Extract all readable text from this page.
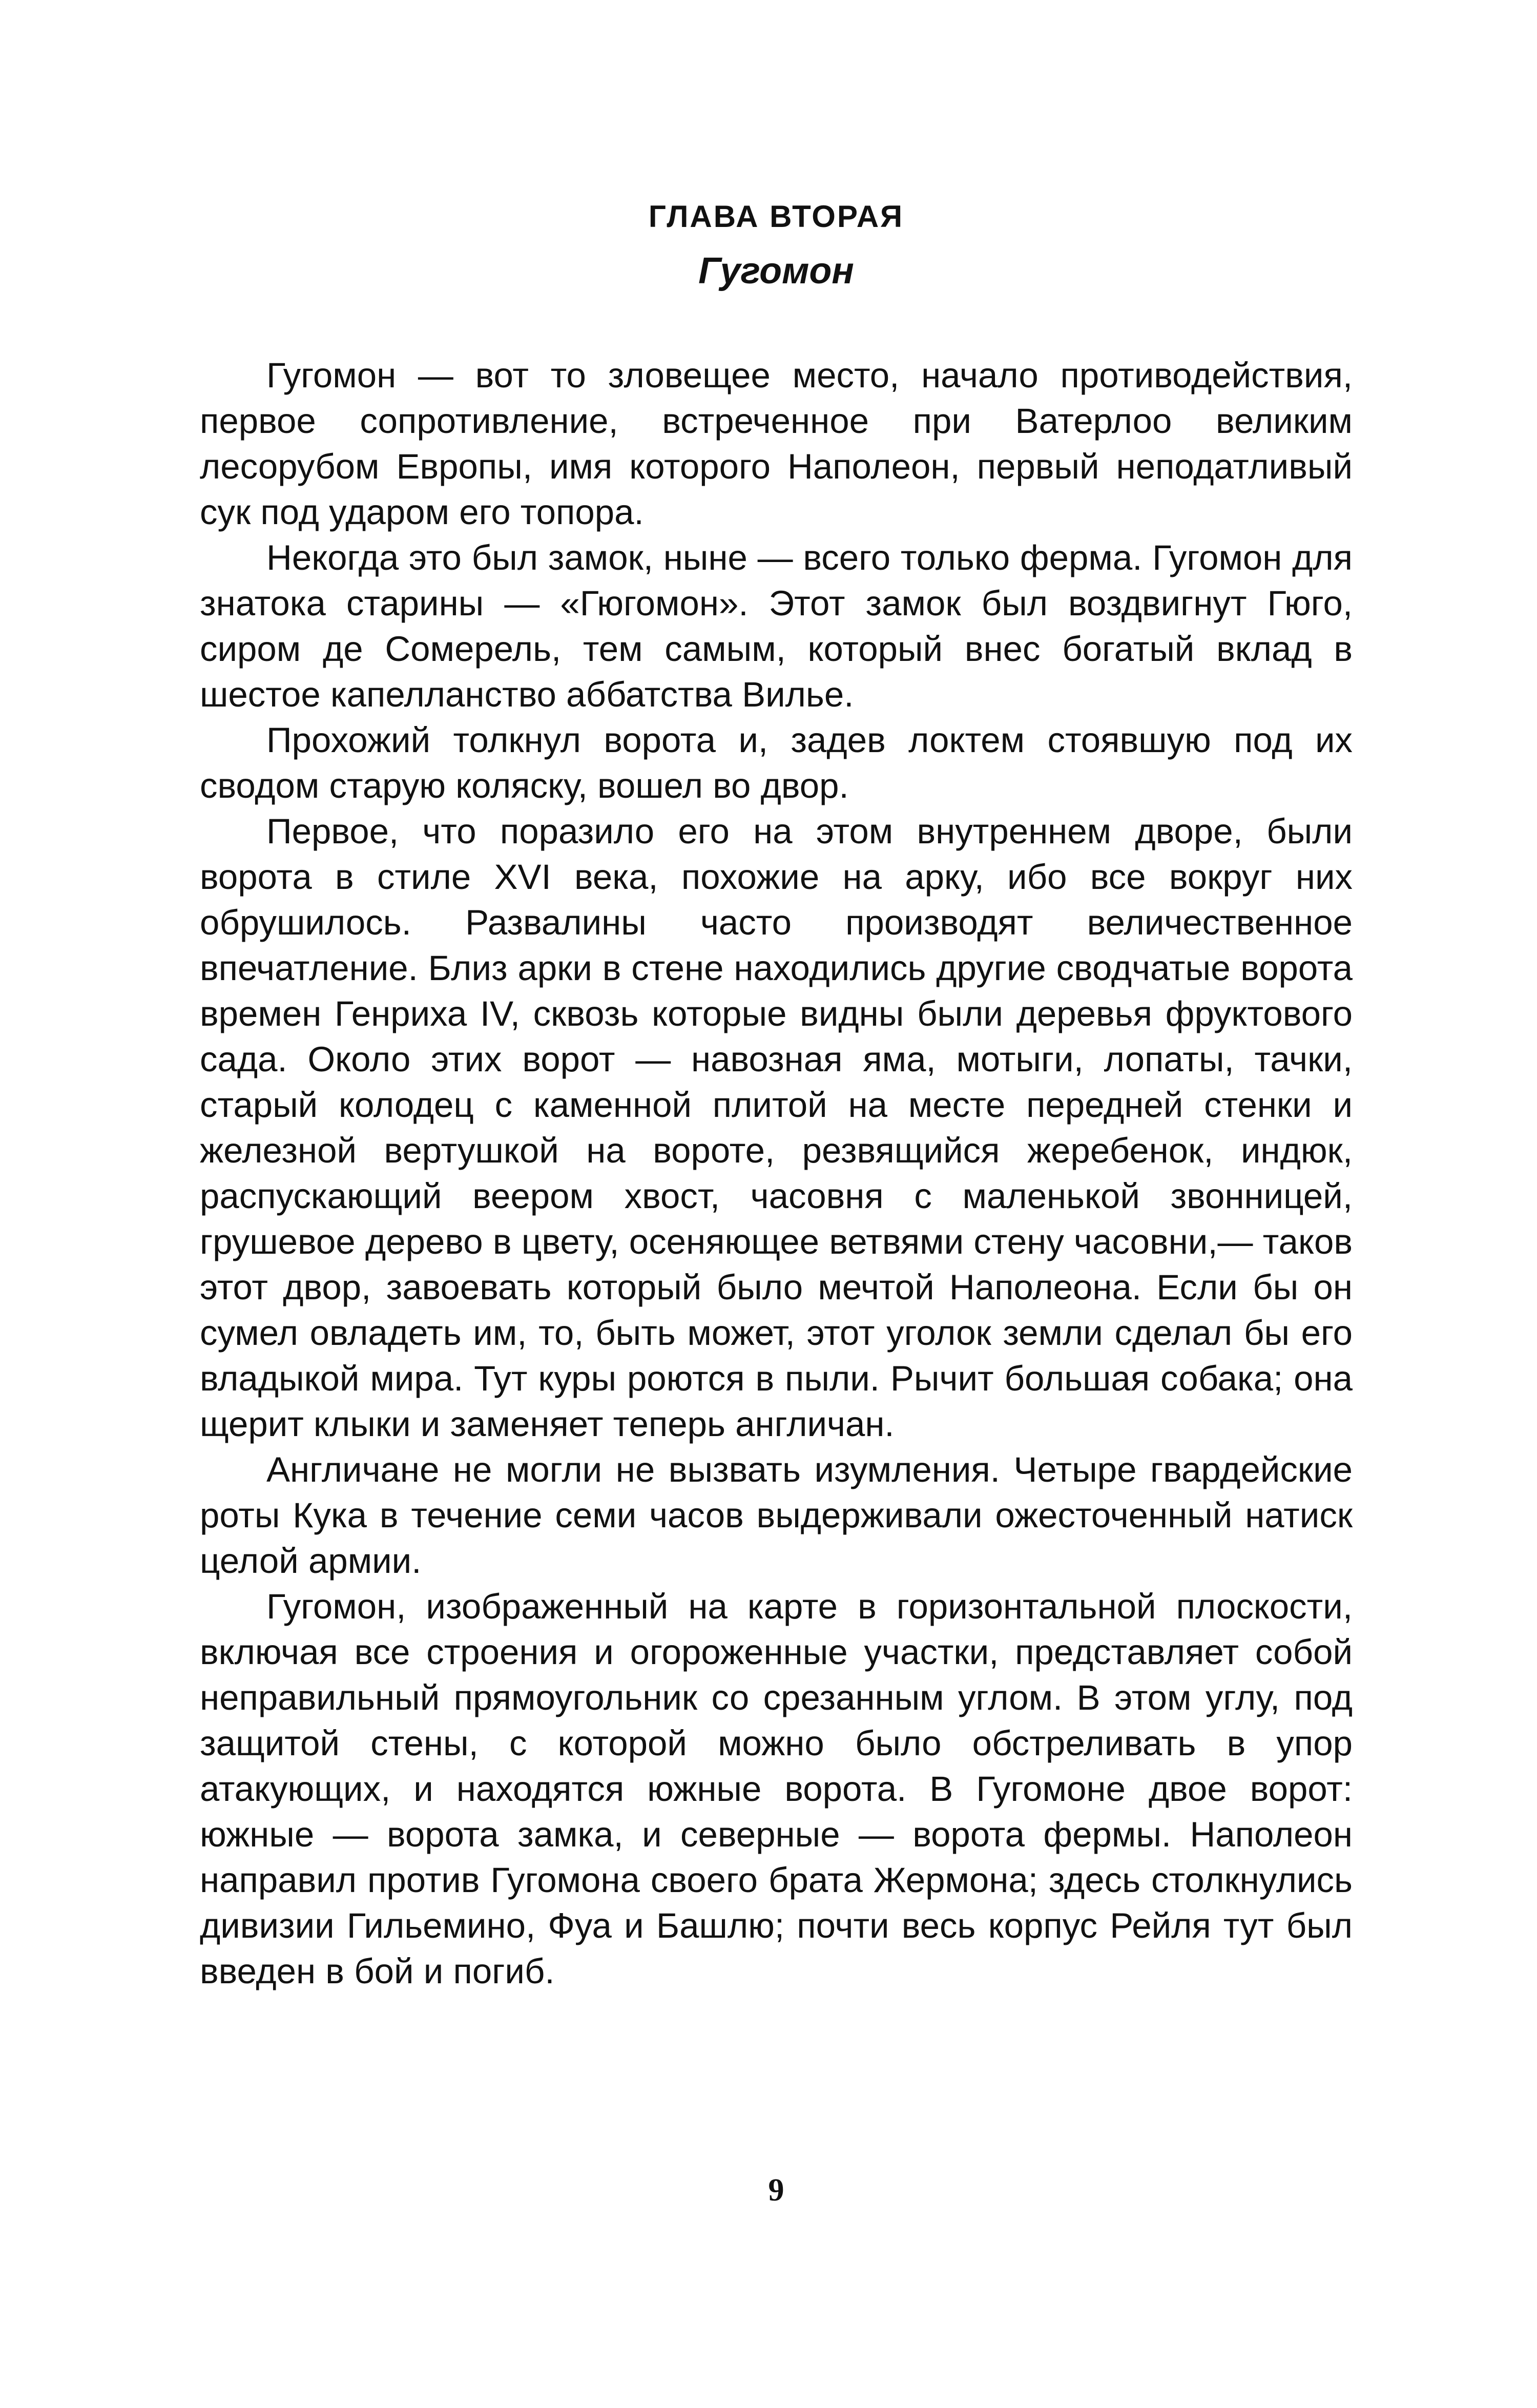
ГЛАВА ВТОРАЯ
Гугомон

Гугомон — вот то зловещее место, начало противодействия, первое сопротивление, встреченное при Ватерлоо великим лесорубом Европы, имя которого Наполеон, первый неподатливый сук под ударом его топора.

Некогда это был замок, ныне — всего только ферма. Гугомон для знатока старины — «Гюгомон». Этот замок был воздвигнут Гюго, сиром де Сомерель, тем самым, который внес богатый вклад в шестое капелланство аббатства Вилье.

Прохожий толкнул ворота и, задев локтем стоявшую под их сводом старую коляску, вошел во двор.

Первое, что поразило его на этом внутреннем дворе, были ворота в стиле XVI века, похожие на арку, ибо все вокруг них обрушилось. Развалины часто производят величественное впечатление. Близ арки в стене находились другие сводчатые ворота времен Генриха IV, сквозь которые видны были деревья фруктового сада. Около этих ворот — навозная яма, мотыги, лопаты, тачки, старый колодец с каменной плитой на месте передней стенки и железной вертушкой на вороте, резвящийся жеребенок, индюк, распускающий веером хвост, часовня с маленькой звонницей, грушевое дерево в цвету, осеняющее ветвями стену часовни,— таков этот двор, завоевать который было мечтой Наполеона. Если бы он сумел овладеть им, то, быть может, этот уголок земли сделал бы его владыкой мира. Тут куры роются в пыли. Рычит большая собака; она щерит клыки и заменяет теперь англичан.

Англичане не могли не вызвать изумления. Четыре гвардейские роты Кука в течение семи часов выдерживали ожесточенный натиск целой армии.

Гугомон, изображенный на карте в горизонтальной плоскости, включая все строения и огороженные участки, представляет собой неправильный прямоугольник со срезанным углом. В этом углу, под защитой стены, с которой можно было обстреливать в упор атакующих, и находятся южные ворота. В Гугомоне двое ворот: южные — ворота замка, и северные — ворота фермы. Наполеон направил против Гугомона своего брата Жермона; здесь столкнулись дивизии Гильемино, Фуа и Башлю; почти весь корпус Рейля тут был введен в бой и погиб.

9
